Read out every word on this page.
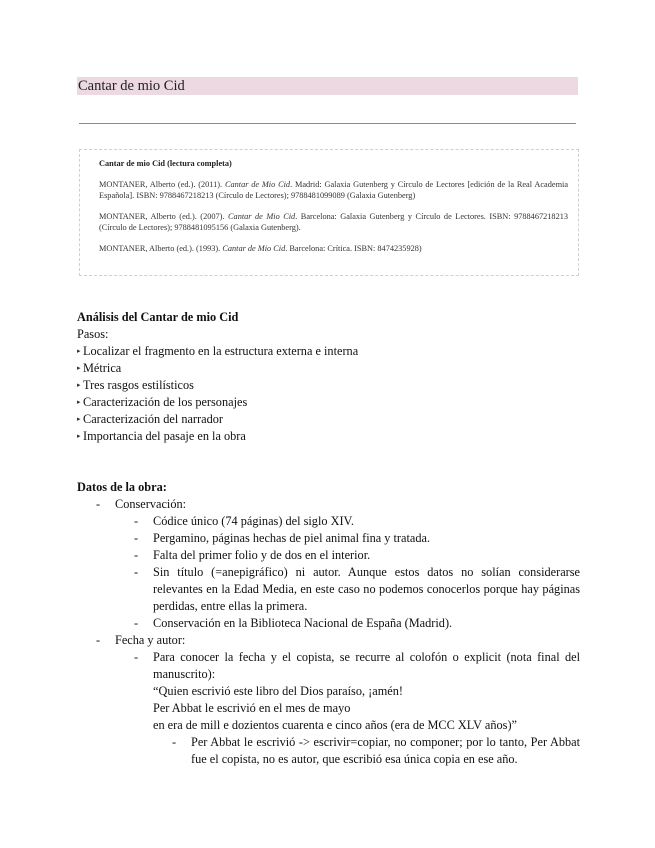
Cantar de mio Cid
Cantar de mio Cid (lectura completa)
MONTANER, Alberto (ed.). (2011). Cantar de Mio Cid. Madrid: Galaxia Gutenberg y Círculo de Lectores [edición de la Real Academia Española]. ISBN: 9788467218213 (Círculo de Lectores); 9788481099089 (Galaxia Gutenberg)
MONTANER, Alberto (ed.). (2007). Cantar de Mio Cid. Barcelona: Galaxia Gutenberg y Círculo de Lectores. ISBN: 9788467218213 (Círculo de Lectores); 9788481095156 (Galaxia Gutenberg).
MONTANER, Alberto (ed.). (1993). Cantar de Mio Cid. Barcelona: Crítica. ISBN: 8474235928)
Análisis del Cantar de mio Cid
Pasos:
▸ Localizar el fragmento en la estructura externa e interna
▸ Métrica
▸ Tres rasgos estilísticos
▸ Caracterización de los personajes
▸ Caracterización del narrador
▸ Importancia del pasaje en la obra
Datos de la obra:
- Conservación:
- Códice único (74 páginas) del siglo XIV.
- Pergamino, páginas hechas de piel animal fina y tratada.
- Falta del primer folio y de dos en el interior.
- Sin título (=anepigráfico) ni autor. Aunque estos datos no solían considerarse relevantes en la Edad Media, en este caso no podemos conocerlos porque hay páginas perdidas, entre ellas la primera.
- Conservación en la Biblioteca Nacional de España (Madrid).
- Fecha y autor:
- Para conocer la fecha y el copista, se recurre al colofón o explicit (nota final del manuscrito):
“Quien escrivió este libro del Dios paraíso, ¡amén!
Per Abbat le escrivió en el mes de mayo
en era de mill e dozientos cuarenta e cinco años (era de MCC XLV años)”
- Per Abbat le escrivió -> escrivir=copiar, no componer; por lo tanto, Per Abbat fue el copista, no es autor, que escribió esa única copia en ese año.
